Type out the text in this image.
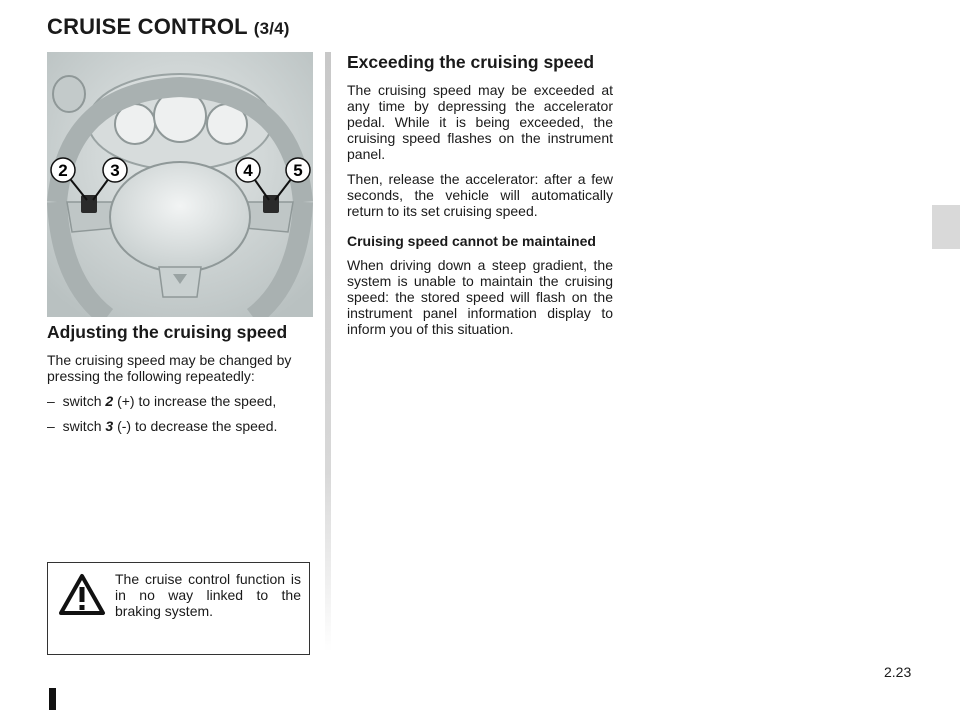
CRUISE CONTROL (3/4)
2	3	4 5
Adjusting the cruising speed

The cruising speed may be changed by pressing the following repeatedly:

– switch 2 (+) to increase the speed,
– switch 3 (-) to decrease the speed.
Exceeding the cruising speed

The cruising speed may be exceeded at any time by depressing the accelerator pedal. While it is being exceeded, the cruising speed flashes on the instrument panel.

Then, release the accelerator: after a few seconds, the vehicle will automatically return to its set cruising speed.

Cruising speed cannot be maintained

When driving down a steep gradient, the system is unable to maintain the cruising speed: the stored speed will flash on the instrument panel information display to inform you of this situation.

The cruise control function is in no way linked to the braking system.
2.23
